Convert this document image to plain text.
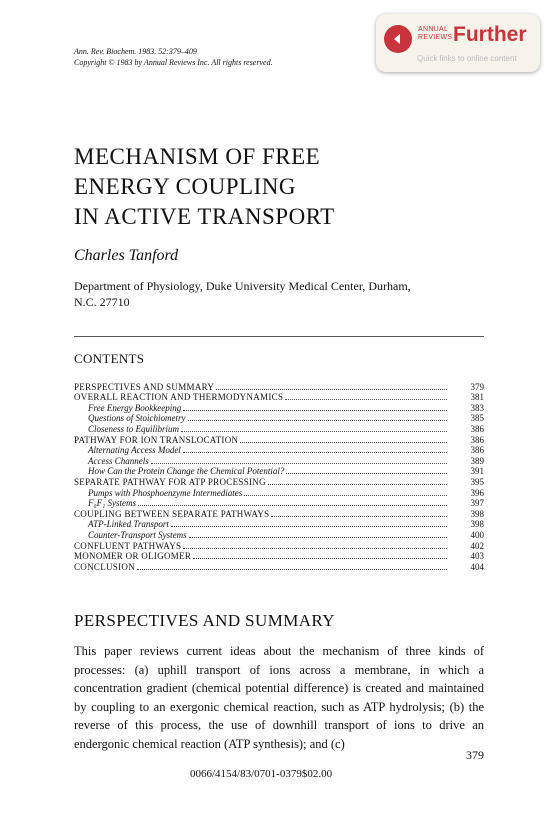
Ann. Rev. Biochem. 1983. 52:379–409
Copyright © 1983 by Annual Reviews Inc. All rights reserved.
ANNUAL
REVIEWS Further
Quick links to online content
MECHANISM OF FREE
ENERGY COUPLING
IN ACTIVE TRANSPORT
Charles Tanford
Department of Physiology, Duke University Medical Center, Durham,
N.C. 27710
CONTENTS
PERSPECTIVES AND SUMMARY	379
OVERALL REACTION AND THERMODYNAMICS	381
Free Energy Bookkeeping	383
Questions of Stoichiometry	385
Closeness to Equilibrium	386
PATHWAY FOR ION TRANSLOCATION	386
Alternating Access Model	386
Access Channels	389
How Can the Protein Change the Chemical Potential?	391
SEPARATE PATHWAY FOR ATP PROCESSING	395
Pumps with Phosphoenzyme Intermediates	396
F₀F₁ Systems	397
COUPLING BETWEEN SEPARATE PATHWAYS	398
ATP-Linked Transport	398
Counter-Transport Systems	400
CONFLUENT PATHWAYS	402
MONOMER OR OLIGOMER	403
CONCLUSION	404
PERSPECTIVES AND SUMMARY
This paper reviews current ideas about the mechanism of three kinds of processes: (a) uphill transport of ions across a membrane, in which a concentration gradient (chemical potential difference) is created and maintained by coupling to an exergonic chemical reaction, such as ATP hydrolysis; (b) the reverse of this process, the use of downhill transport of ions to drive an endergonic chemical reaction (ATP synthesis); and (c)
379
0066/4154/83/0701-0379$02.00
